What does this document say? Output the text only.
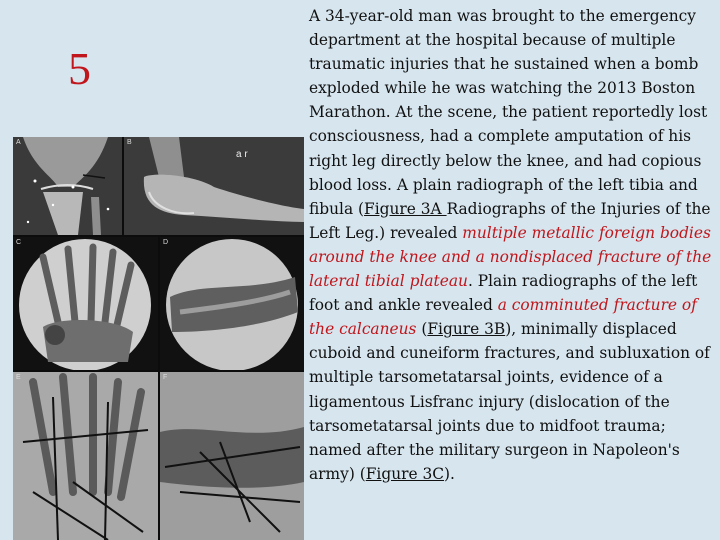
5
A	B
a r
C	D
E	F
A 34-year-old man was brought to the emergency department at the hospital because of multiple traumatic injuries that he sustained when a bomb exploded while he was watching the 2013 Boston Marathon. At the scene, the patient reportedly lost consciousness, had a complete amputation of his right leg directly below the knee, and had copious blood loss. A plain radiograph of the left tibia and fibula (Figure 3A Radiographs of the Injuries of the Left Leg.) revealed multiple metallic foreign bodies around the knee and a nondisplaced fracture of the lateral tibial plateau. Plain radiographs of the left foot and ankle revealed a comminuted fracture of the calcaneus (Figure 3B), minimally displaced cuboid and cuneiform fractures, and subluxation of multiple tarsometatarsal joints, evidence of a ligamentous Lisfranc injury (dislocation of the tarsometatarsal joints due to midfoot trauma; named after the military surgeon in Napoleon's army) (Figure 3C).
